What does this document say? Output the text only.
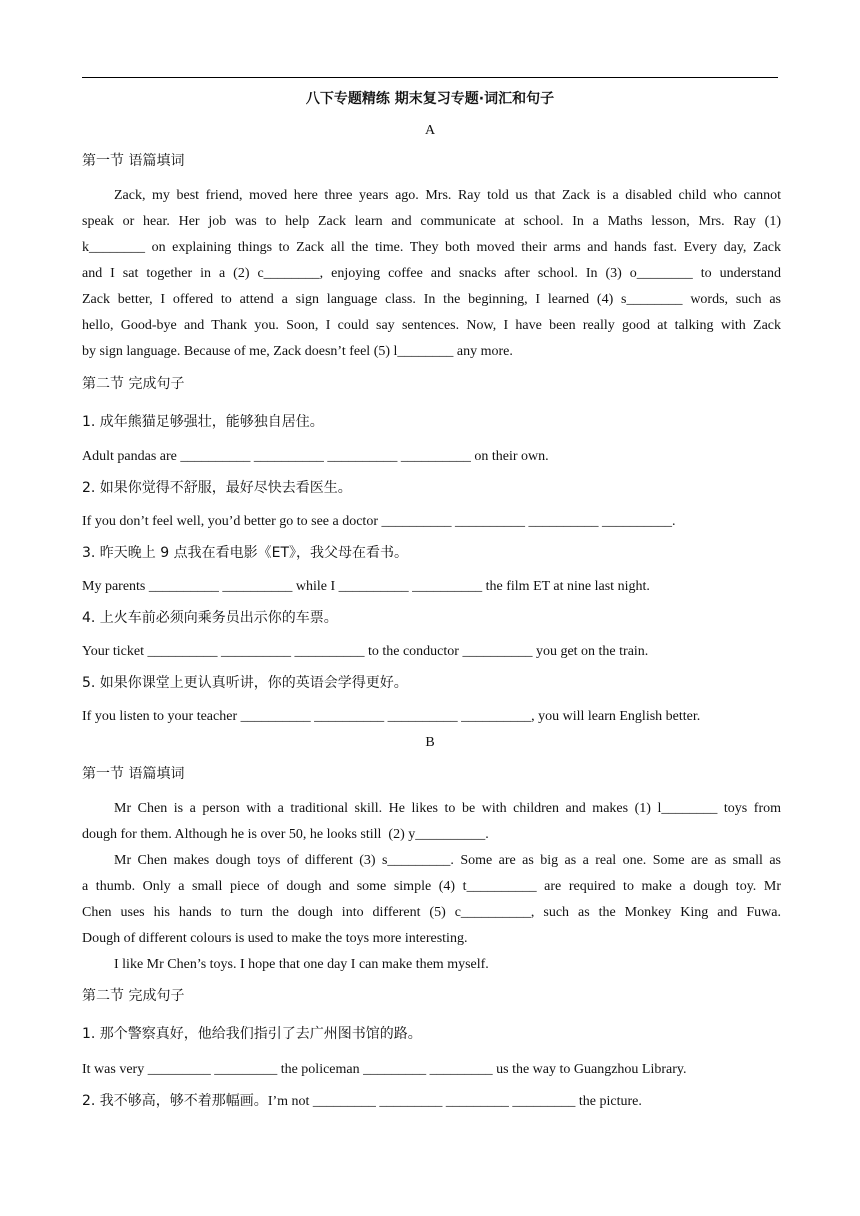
八下专题精练 期末复习专题·词汇和句子
A
第一节 语篇填词
Zack, my best friend, moved here three years ago. Mrs. Ray told us that Zack is a disabled child who cannot
speak or hear. Her job was to help Zack learn and communicate at school. In a Maths lesson, Mrs. Ray (1)
k________ on explaining things to Zack all the time. They both moved their arms and hands fast. Every day, Zack
and I sat together in a (2) c________, enjoying coffee and snacks after school. In (3) o________ to understand
Zack better, I offered to attend a sign language class. In the beginning, I learned (4) s________ words, such as
hello, Good-bye and Thank you. Soon, I could say sentences. Now, I have been really good at talking with Zack
by sign language. Because of me, Zack doesn’t feel (5) l________ any more.
第二节 完成句子
1. 成年熊猫足够强壮，能够独自居住。
Adult pandas are __________ __________ __________ __________ on their own.
2. 如果你觉得不舒服，最好尽快去看医生。
If you don’t feel well, you’d better go to see a doctor __________ __________ __________ __________.
3. 昨天晚上 9 点我在看电影《ET》，我父母在看书。
My parents __________ __________ while I __________ __________ the film ET at nine last night.
4. 上火车前必须向乘务员出示你的车票。
Your ticket __________ __________ __________ to the conductor __________ you get on the train.
5. 如果你课堂上更认真听讲，你的英语会学得更好。
If you listen to your teacher __________ __________ __________ __________, you will learn English better.
B
第一节 语篇填词
Mr Chen is a person with a traditional skill. He likes to be with children and makes (1) l________ toys from
dough for them. Although he is over 50, he looks still  (2) y__________.
Mr Chen makes dough toys of different (3) s_________. Some are as big as a real one. Some are as small as
a thumb. Only a small piece of dough and some simple (4) t__________ are required to make a dough toy. Mr
Chen uses his hands to turn the dough into different (5) c__________, such as the Monkey King and Fuwa.
Dough of different colours is used to make the toys more interesting.
I like Mr Chen’s toys. I hope that one day I can make them myself.
第二节 完成句子
1. 那个警察真好，他给我们指引了去广州图书馆的路。
It was very _________ _________ the policeman _________ _________ us the way to Guangzhou Library.
2. 我不够高，够不着那幅画。I’m not _________ _________ _________ _________ the picture.
